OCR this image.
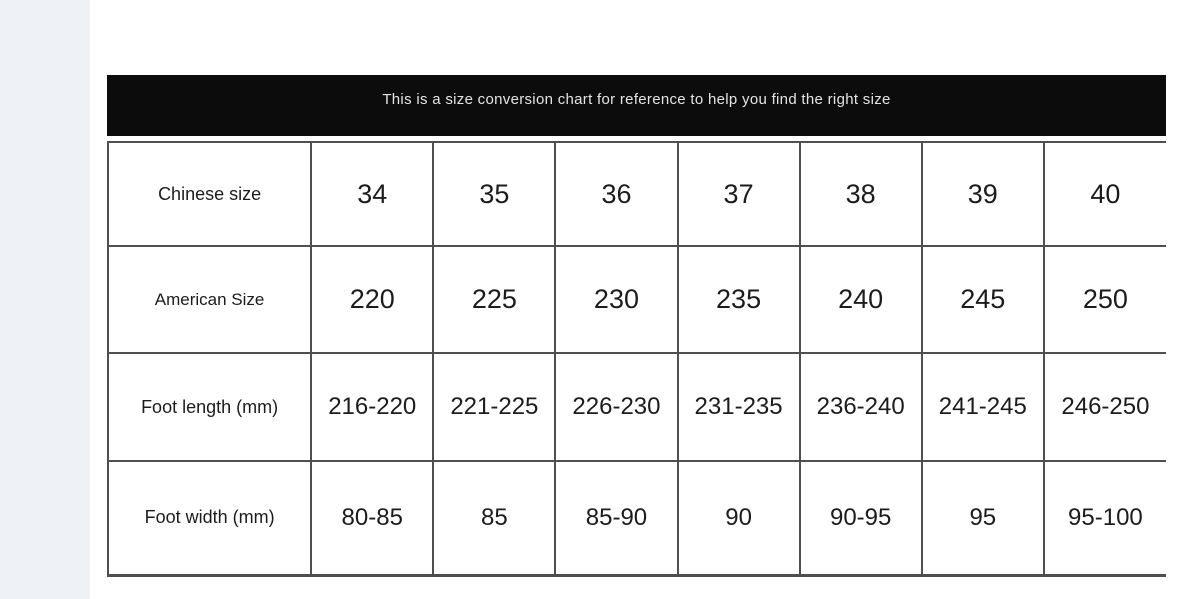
This is a size conversion chart for reference to help you find the right size
Chinese size	34	35	36	37	38	39	40
American Size	220	225	230	235	240	245	250
Foot length (mm)	216-220	221-225	226-230	231-235	236-240	241-245	246-250
Foot width (mm)	80-85	85	85-90	90	90-95	95	95-100
